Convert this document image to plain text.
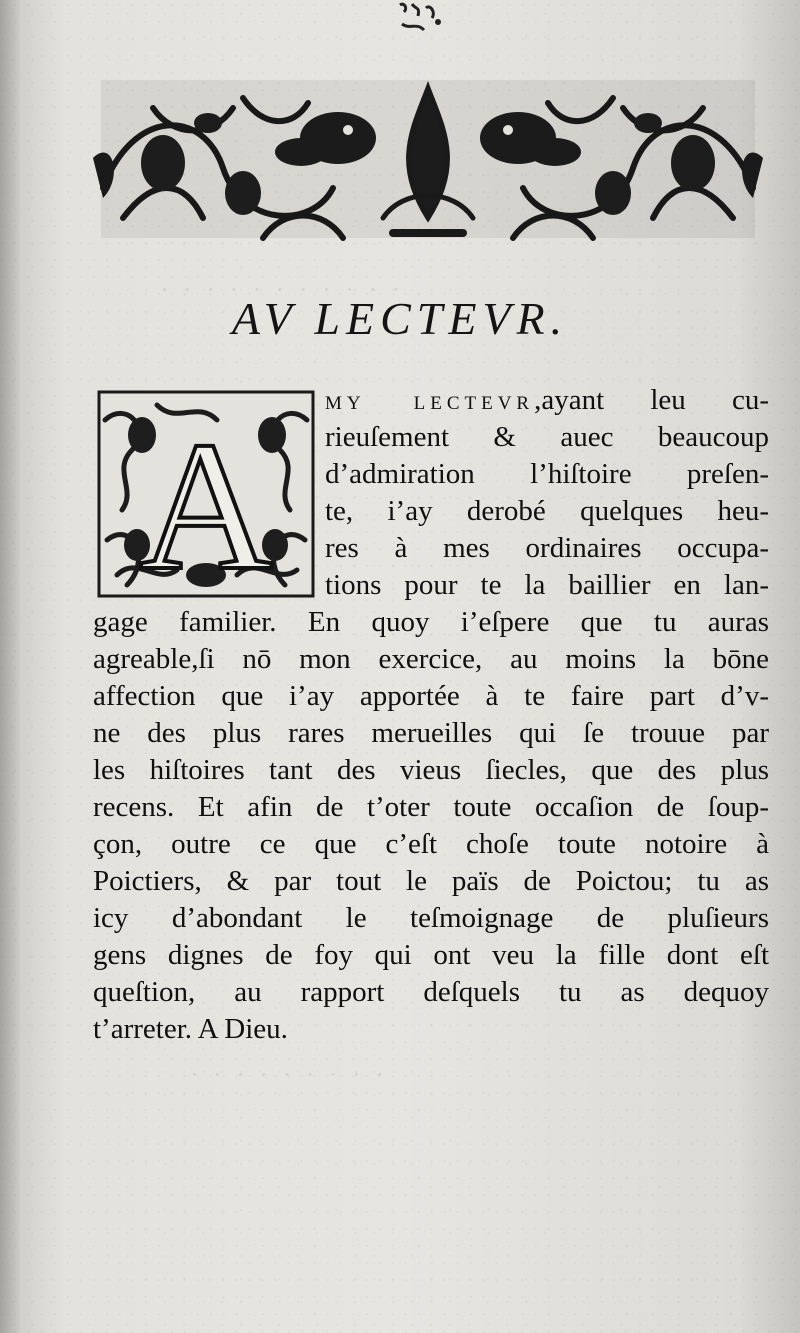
· · · · · · · · · · ·
· · · · · · · · ·
AV LECTEVR.
A
MY LECTEVR,ayant leu cu-
rieuſement & auec beaucoup
d’admiration l’hiſtoire preſen-
te, i’ay derobé quelques heu-
res à mes ordinaires occupa-
tions pour te la baillier en lan-
gage familier. En quoy i’eſpere que tu auras
agreable,ſi nō mon exercice, au moins la bōne
affection que i’ay apportée à te faire part d’v-
ne des plus rares merueilles qui ſe trouue par
les hiſtoires tant des vieus ſiecles, que des plus
recens. Et afin de t’oter toute occaſion de ſoup-
çon, outre ce que c’eſt choſe toute notoire à
Poictiers, & par tout le païs de Poictou; tu as
icy d’abondant le teſmoignage de pluſieurs
gens dignes de foy qui ont veu la fille dont eſt
queſtion, au rapport deſquels tu as dequoy
t’arreter. A Dieu.
